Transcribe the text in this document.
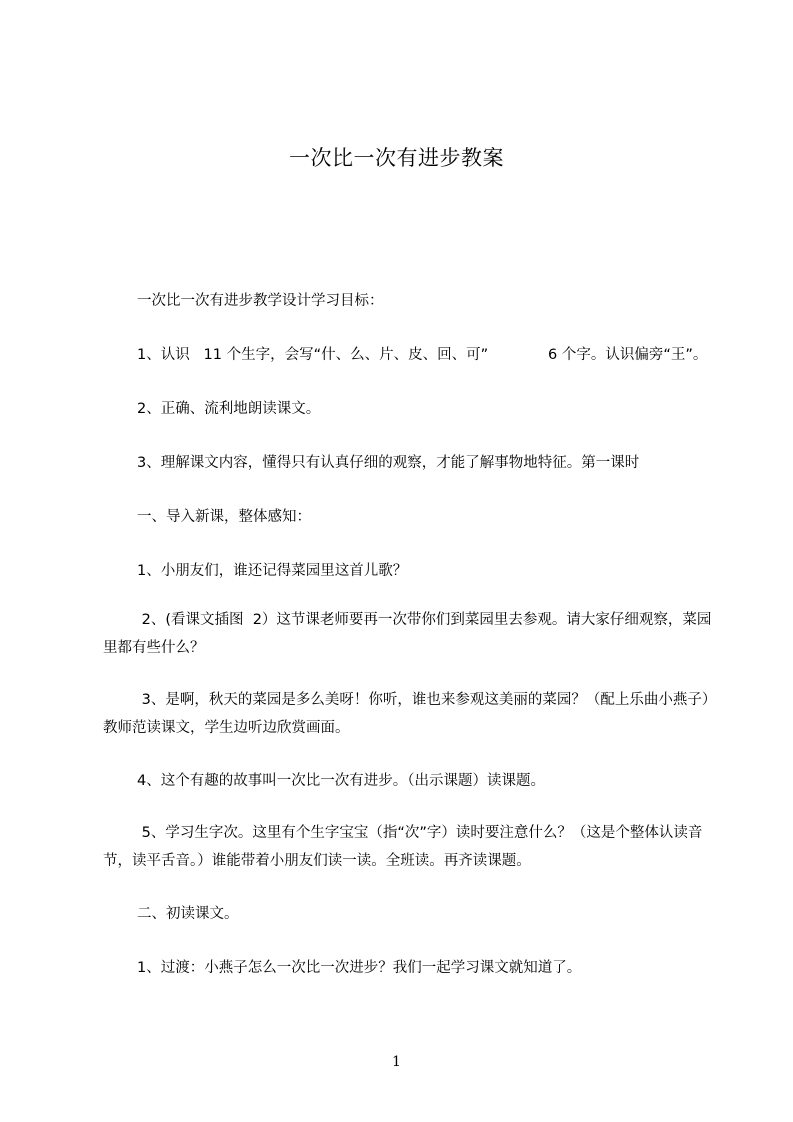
一次比一次有进步教案
一次比一次有进步教学设计学习目标：
1、认识   11 个生字，会写“什、么、片、皮、回、可”             6 个字。认识偏旁“王”。
2、正确、流利地朗读课文。
3、理解课文内容，懂得只有认真仔细的观察，才能了解事物地特征。第一课时
一、导入新课，整体感知：
1、小朋友们，谁还记得菜园里这首儿歌？
2、(看课文插图  2）这节课老师要再一次带你们到菜园里去参观。请大家仔细观察，菜园里都有些什么？
3、是啊，秋天的菜园是多么美呀！你听，谁也来参观这美丽的菜园？（配上乐曲小燕子）教师范读课文，学生边听边欣赏画面。
4、这个有趣的故事叫一次比一次有进步。（出示课题）读课题。
5、学习生字次。这里有个生字宝宝（指“次”字）读时要注意什么？（这是个整体认读音节，读平舌音。）谁能带着小朋友们读一读。全班读。再齐读课题。
二、初读课文。
1、过渡：小燕子怎么一次比一次进步？我们一起学习课文就知道了。
1
